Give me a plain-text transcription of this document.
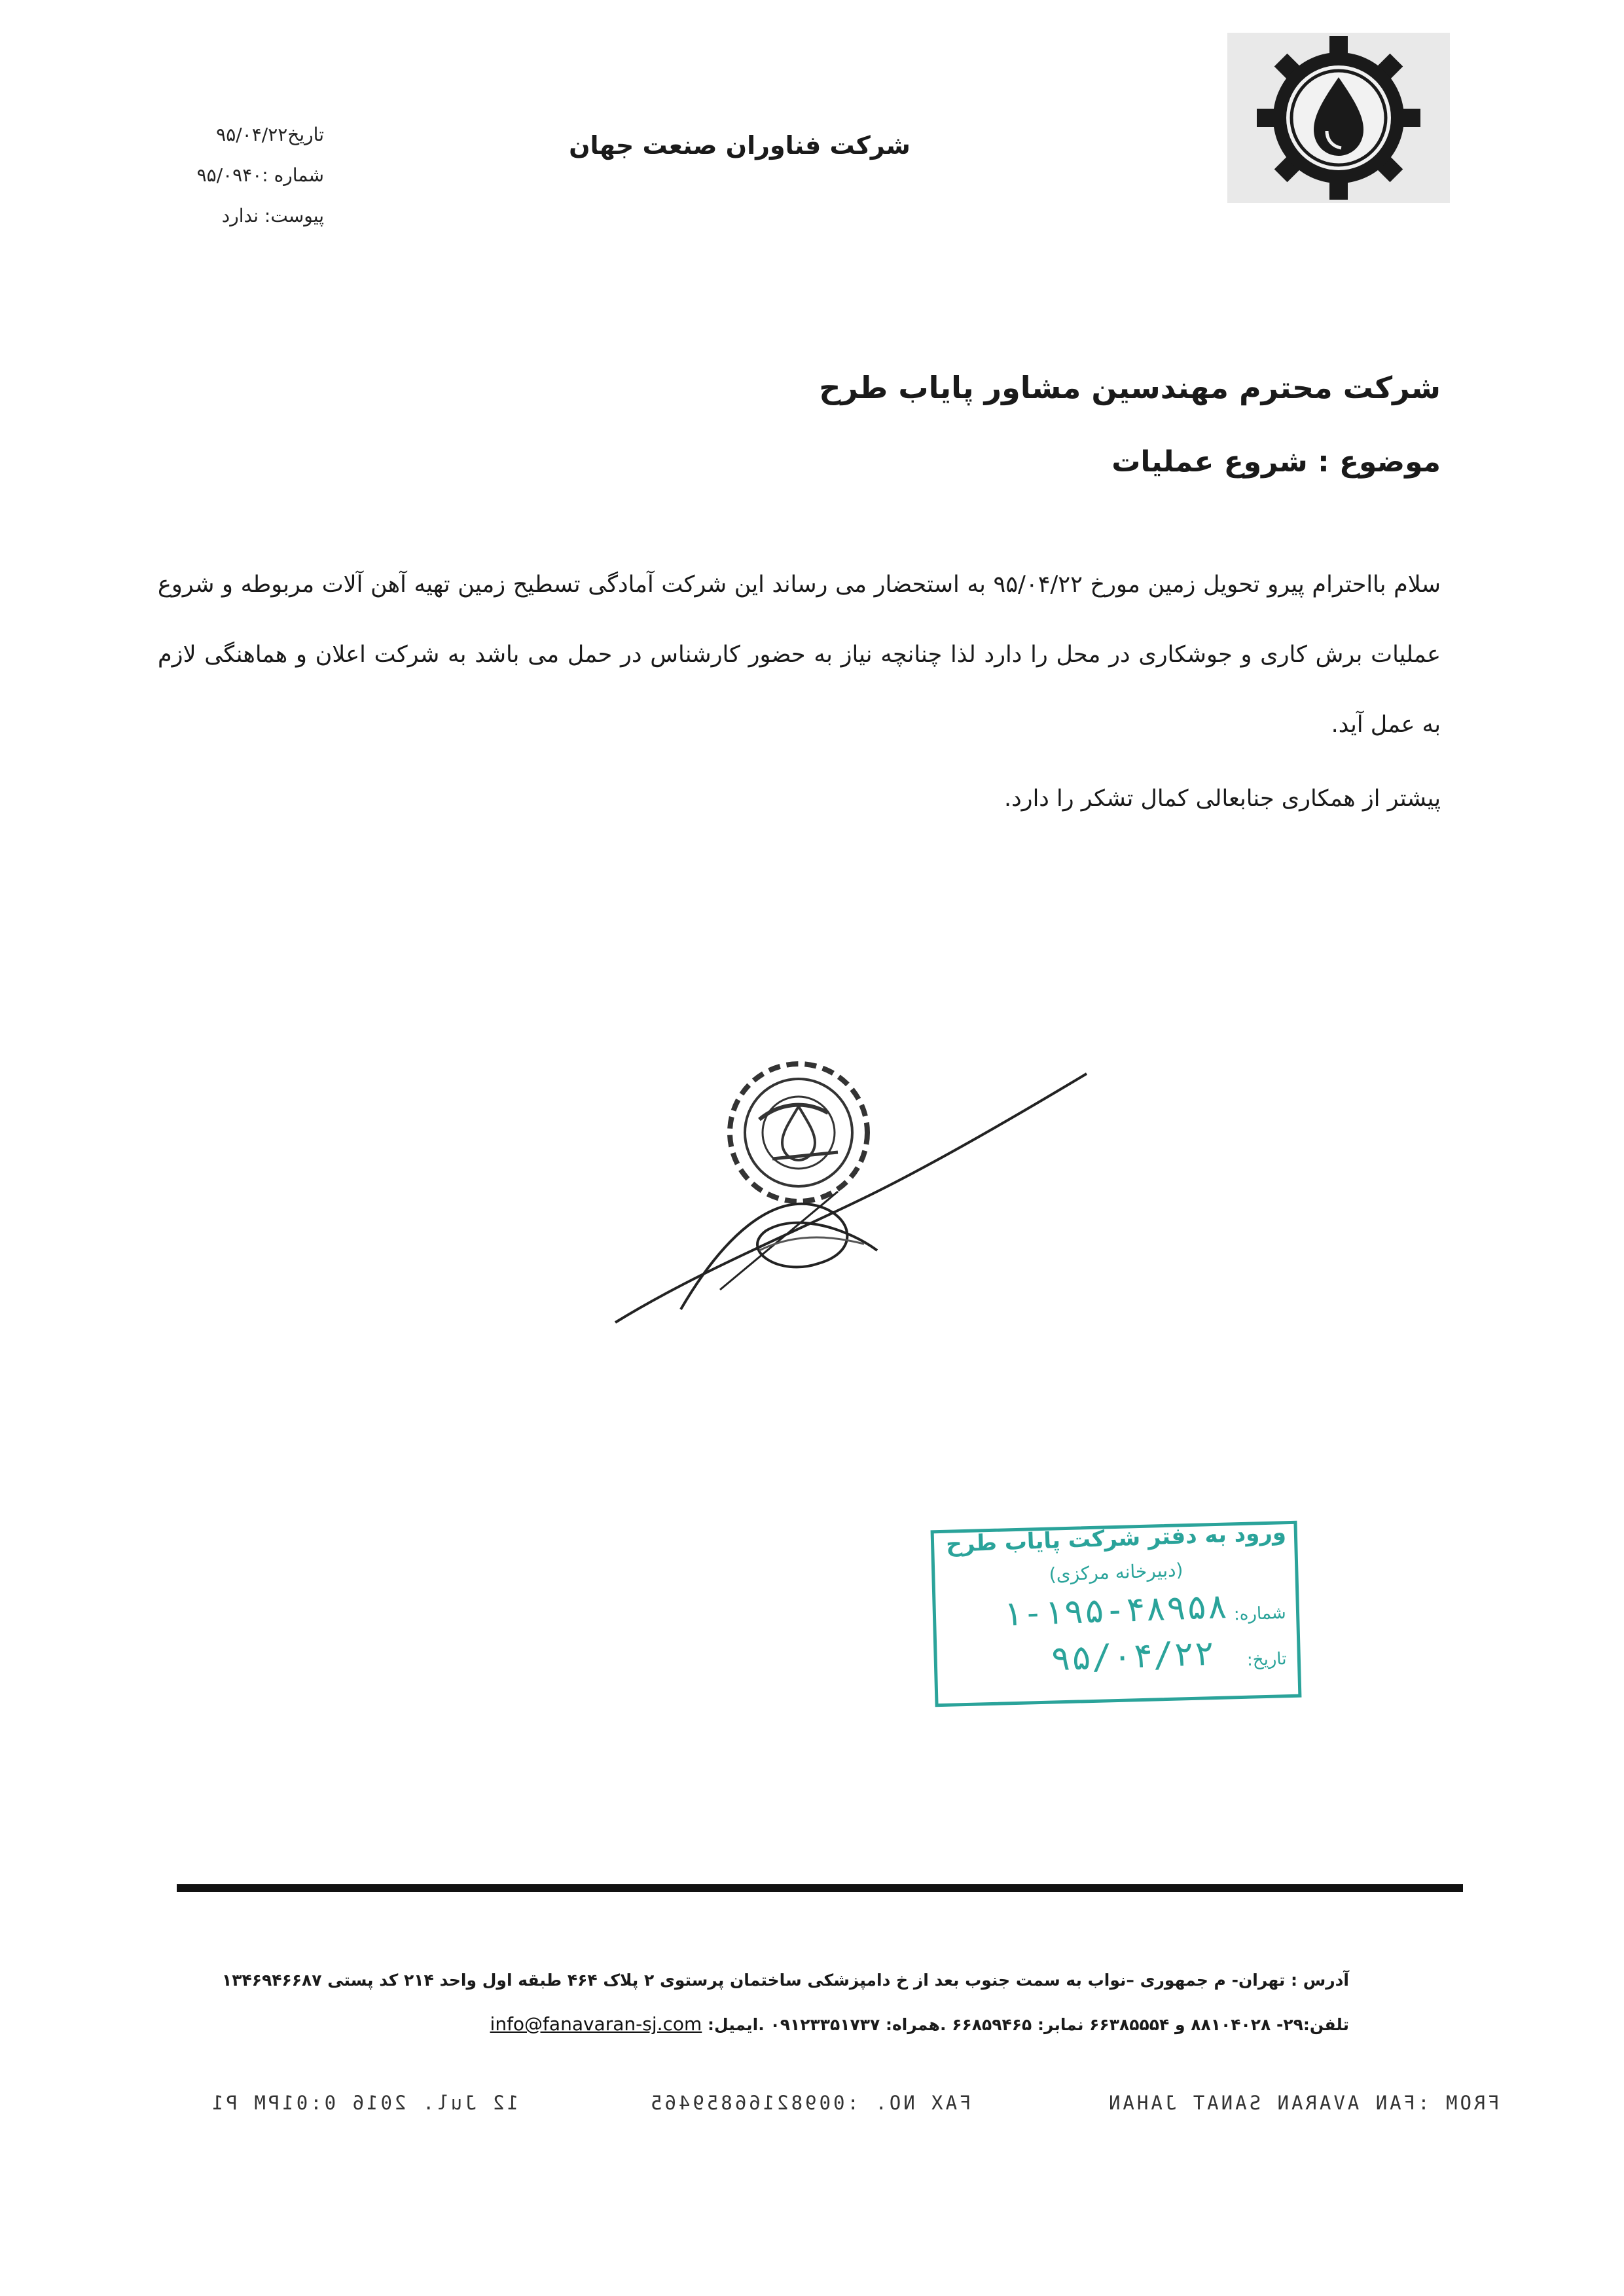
شرکت فناوران صنعت جهان
تاریخ۹۵/۰۴/۲۲
شماره :۹۵/۰۹۴۰
پیوست: ندارد
شرکت محترم مهندسین مشاور پایاب طرح
موضوع : شروع عملیات

سلام بااحترام پیرو تحویل زمین مورخ ۹۵/۰۴/۲۲ به استحضار می رساند این شرکت آمادگی تسطیح زمین تهیه آهن آلات مربوطه و شروع عملیات برش کاری و جوشکاری در محل را دارد لذا چنانچه نیاز به حضور کارشناس در حمل می باشد به شرکت اعلان و هماهنگی لازم به عمل آید.

پیشتر از همکاری جنابعالی کمال تشکر را دارد.
ورود به دفتر شرکت پایاب طرح
(دبیرخانه مرکزی)
شماره:
۱-۱۹۵-۴۸۹۵۸
تاریخ:
۹۵/۰۴/۲۲
آدرس : تهران- م جمهوری –نواب به سمت جنوب بعد از خ دامپزشکی ساختمان پرستوی ۲ پلاک ۴۶۴ طبقه اول واحد ۲۱۴ کد پستی ۱۳۴۶۹۴۶۶۸۷
تلفن:۲۹- ۸۸۱۰۴۰۲۸ و ۶۶۳۸۵۵۵۴ نمابر: ۶۶۸۵۹۴۶۵ .همراه: ۰۹۱۲۳۳۵۱۷۳۷ .ایمیل: info@fanavaran-sj.com
12 Jul. 2016 0:01PM P1	FAX NO. :00982166859465	FROM :FAN AVARAN SANAT JAHAN
